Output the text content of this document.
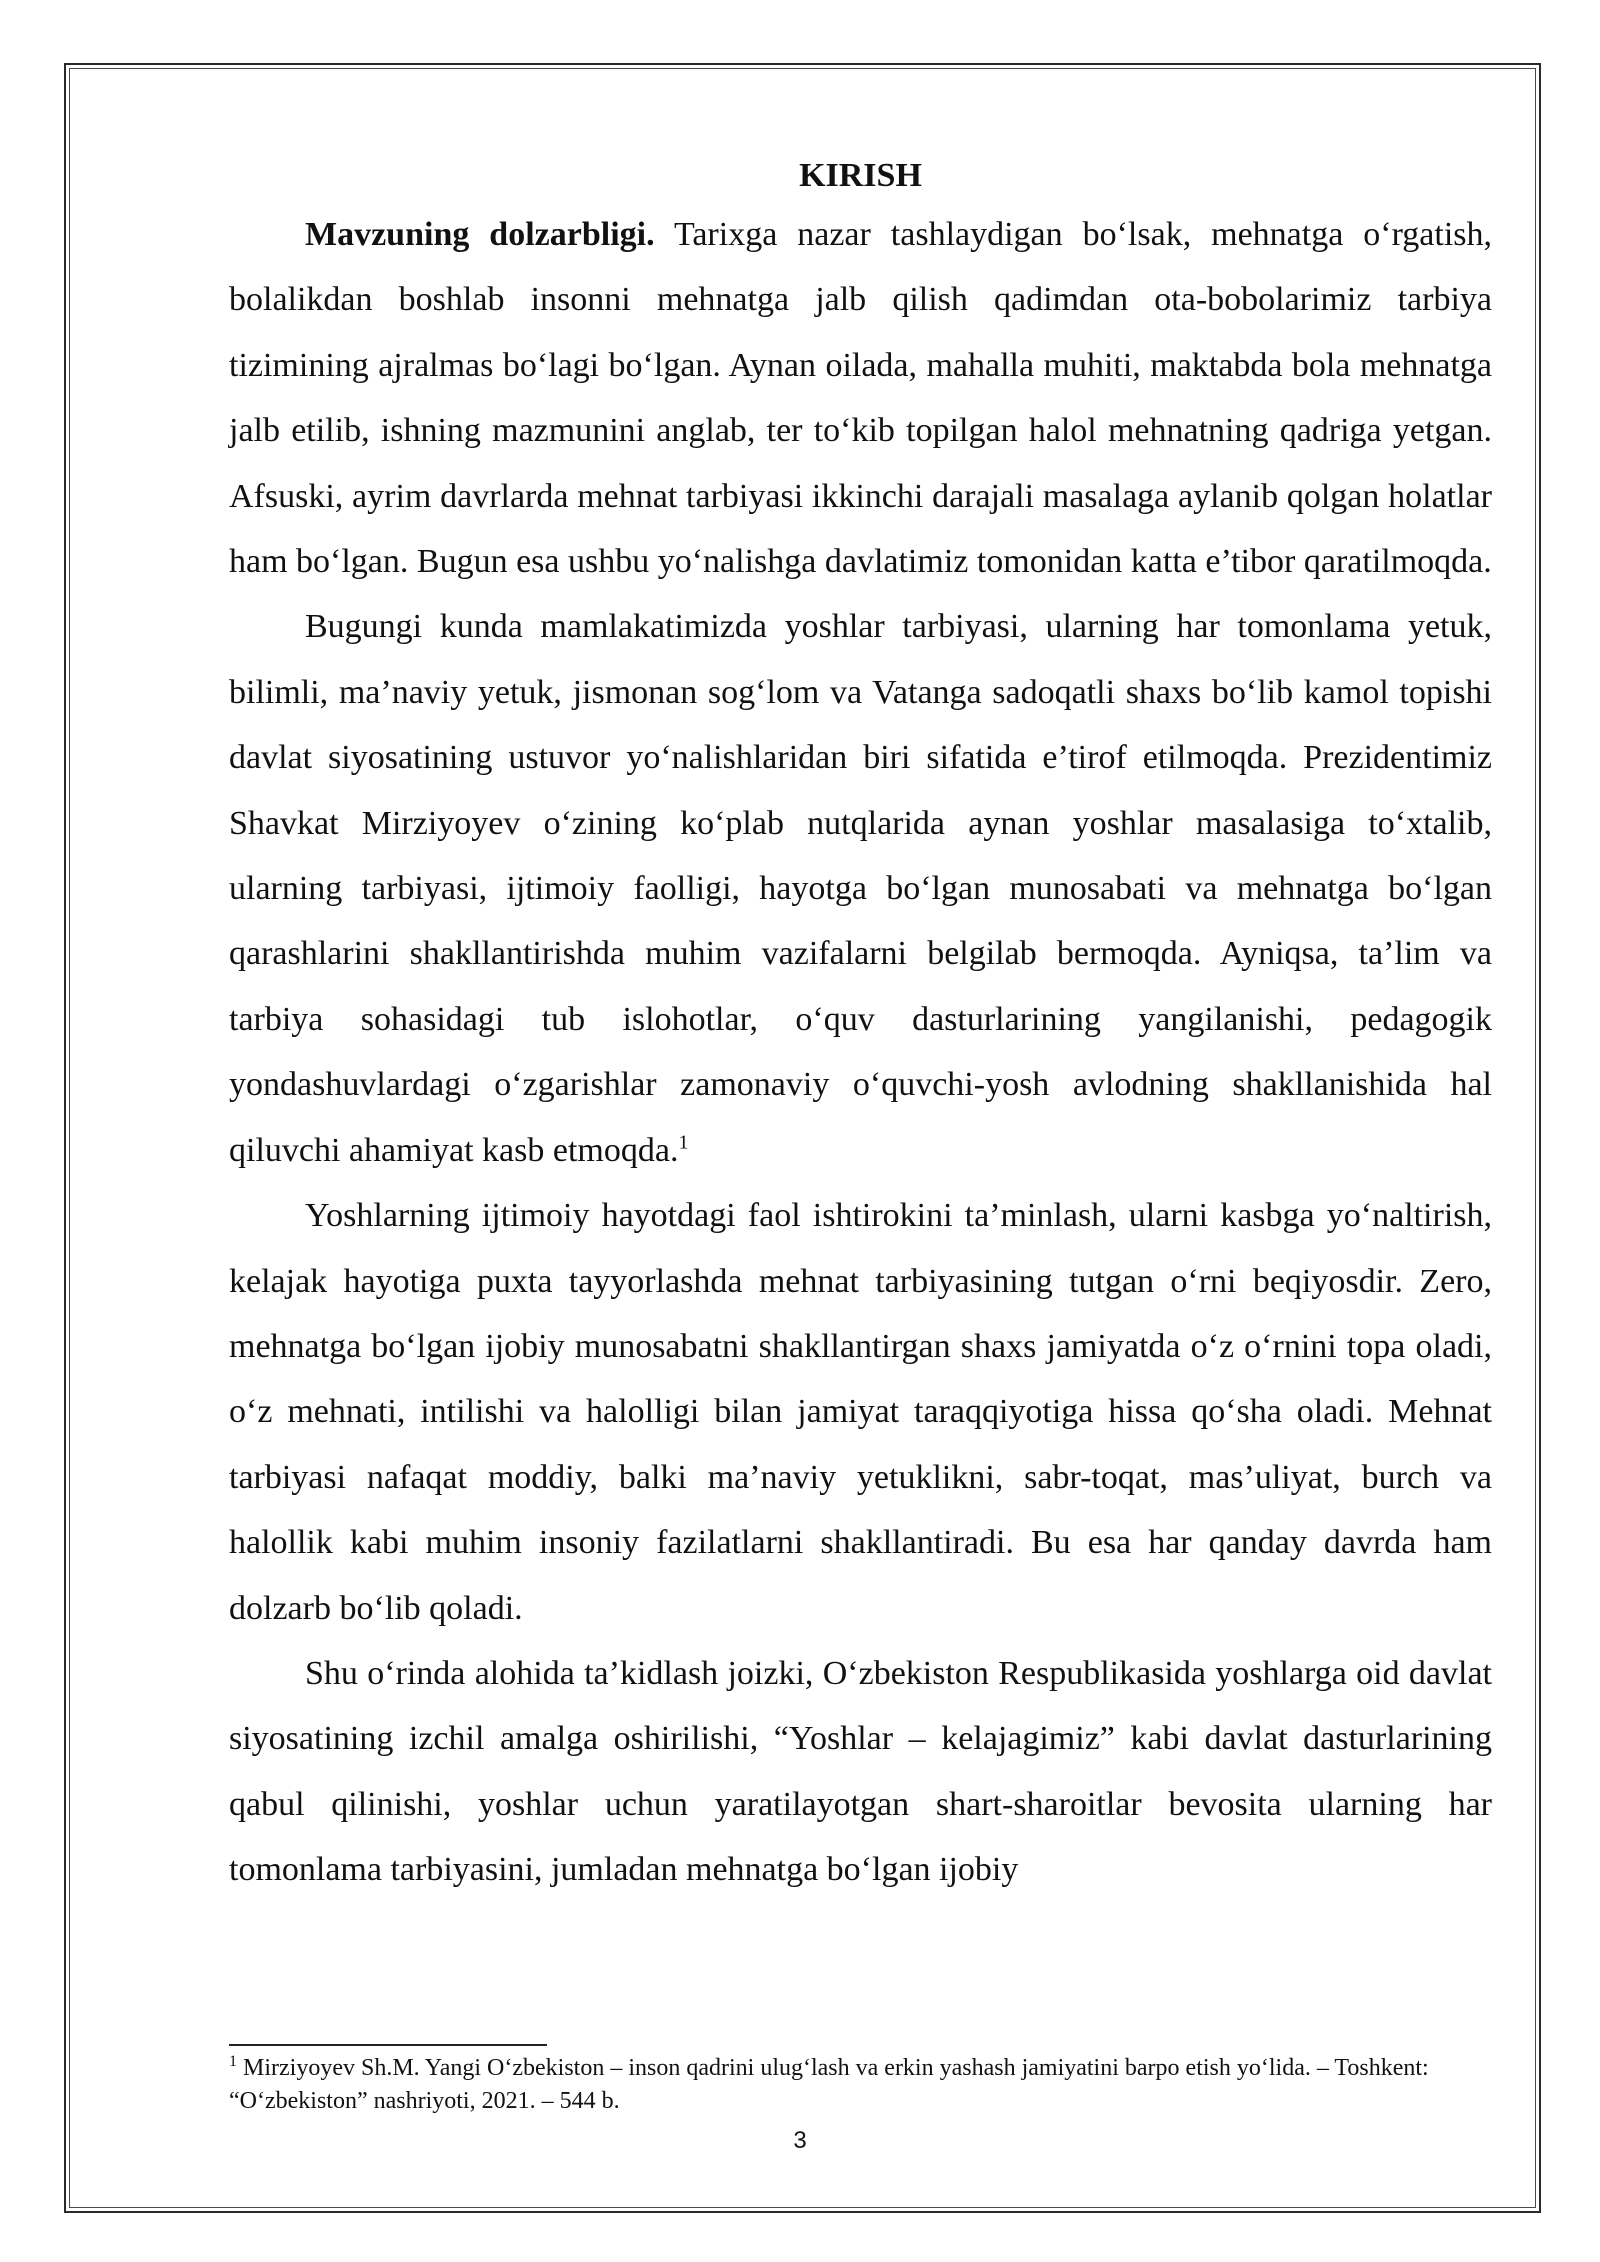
KIRISH

Mavzuning dolzarbligi. Tarixga nazar tashlaydigan bo‘lsak, mehnatga o‘rgatish, bolalikdan boshlab insonni mehnatga jalb qilish qadimdan ota-bobolarimiz tarbiya tizimining ajralmas bo‘lagi bo‘lgan. Aynan oilada, mahalla muhiti, maktabda bola mehnatga jalb etilib, ishning mazmunini anglab, ter to‘kib topilgan halol mehnatning qadriga yetgan. Afsuski, ayrim davrlarda mehnat tarbiyasi ikkinchi darajali masalaga aylanib qolgan holatlar ham bo‘lgan. Bugun esa ushbu yo‘nalishga davlatimiz tomonidan katta e’tibor qaratilmoqda.

Bugungi kunda mamlakatimizda yoshlar tarbiyasi, ularning har tomonlama yetuk, bilimli, ma’naviy yetuk, jismonan sog‘lom va Vatanga sadoqatli shaxs bo‘lib kamol topishi davlat siyosatining ustuvor yo‘nalishlaridan biri sifatida e’tirof etilmoqda. Prezidentimiz Shavkat Mirziyoyev o‘zining ko‘plab nutqlarida aynan yoshlar masalasiga to‘xtalib, ularning tarbiyasi, ijtimoiy faolligi, hayotga bo‘lgan munosabati va mehnatga bo‘lgan qarashlarini shakllantirishda muhim vazifalarni belgilab bermoqda. Ayniqsa, ta’lim va tarbiya sohasidagi tub islohotlar, o‘quv dasturlarining yangilanishi, pedagogik yondashuvlardagi o‘zgarishlar zamonaviy o‘quvchi-yosh avlodning shakllanishida hal qiluvchi ahamiyat kasb etmoqda.$^1$

Yoshlarning ijtimoiy hayotdagi faol ishtirokini ta’minlash, ularni kasbga yo‘naltirish, kelajak hayotiga puxta tayyorlashda mehnat tarbiyasining tutgan o‘rni beqiyosdir. Zero, mehnatga bo‘lgan ijobiy munosabatni shakllantirgan shaxs jamiyatda o‘z o‘rnini topa oladi, o‘z mehnati, intilishi va halolligi bilan jamiyat taraqqiyotiga hissa qo‘sha oladi. Mehnat tarbiyasi nafaqat moddiy, balki ma’naviy yetuklikni, sabr-toqat, mas’uliyat, burch va halollik kabi muhim insoniy fazilatlarni shakllantiradi. Bu esa har qanday davrda ham dolzarb bo‘lib qoladi.

Shu o‘rinda alohida ta’kidlash joizki, O‘zbekiston Respublikasida yoshlarga oid davlat siyosatining izchil amalga oshirilishi, “Yoshlar – kelajagimiz” kabi davlat dasturlarining qabul qilinishi, yoshlar uchun yaratilayotgan shart-sharoitlar bevosita ularning har tomonlama tarbiyasini, jumladan mehnatga bo‘lgan ijobiy

$^1$ Mirziyoyev Sh.M. Yangi O‘zbekiston – inson qadrini ulug‘lash va erkin yashash jamiyatini barpo etish yo‘lida. – Toshkent: “O‘zbekiston” nashriyoti, 2021. – 544 b.

3
